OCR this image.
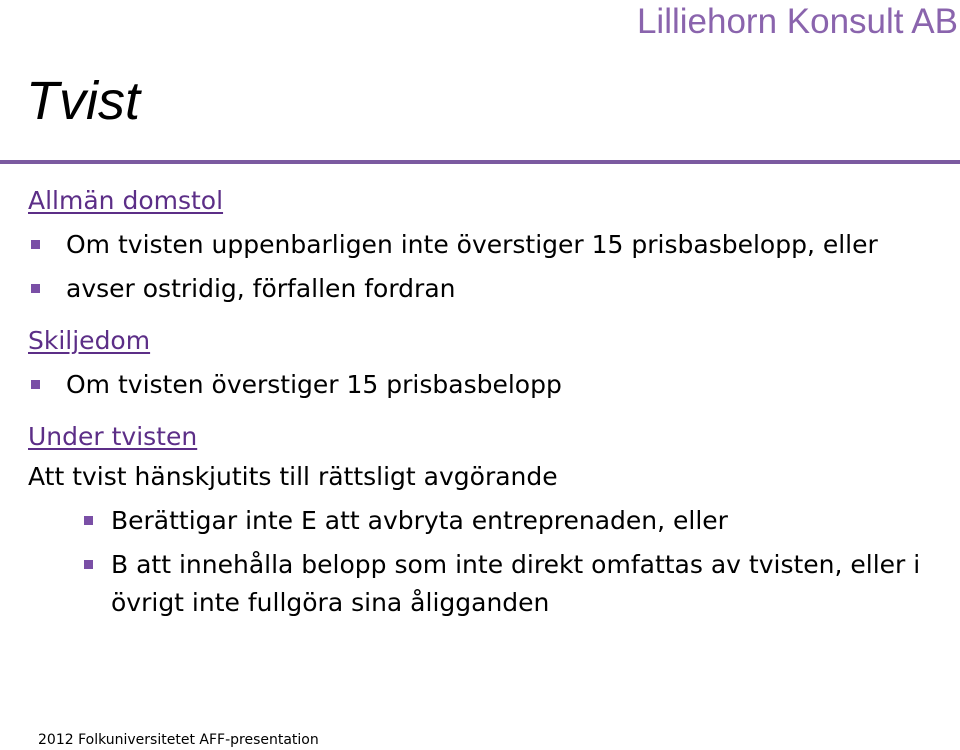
Lilliehorn Konsult AB
Tvist
Allmän domstol
Om tvisten uppenbarligen inte överstiger 15 prisbasbelopp, eller
avser ostridig, förfallen fordran
Skiljedom
Om tvisten överstiger 15 prisbasbelopp
Under tvisten
Att tvist hänskjutits till rättsligt avgörande
Berättigar inte E att avbryta entreprenaden, eller
B att innehålla belopp som inte direkt omfattas av tvisten, eller i övrigt inte fullgöra sina åligganden
2012 Folkuniversitetet AFF-presentation
